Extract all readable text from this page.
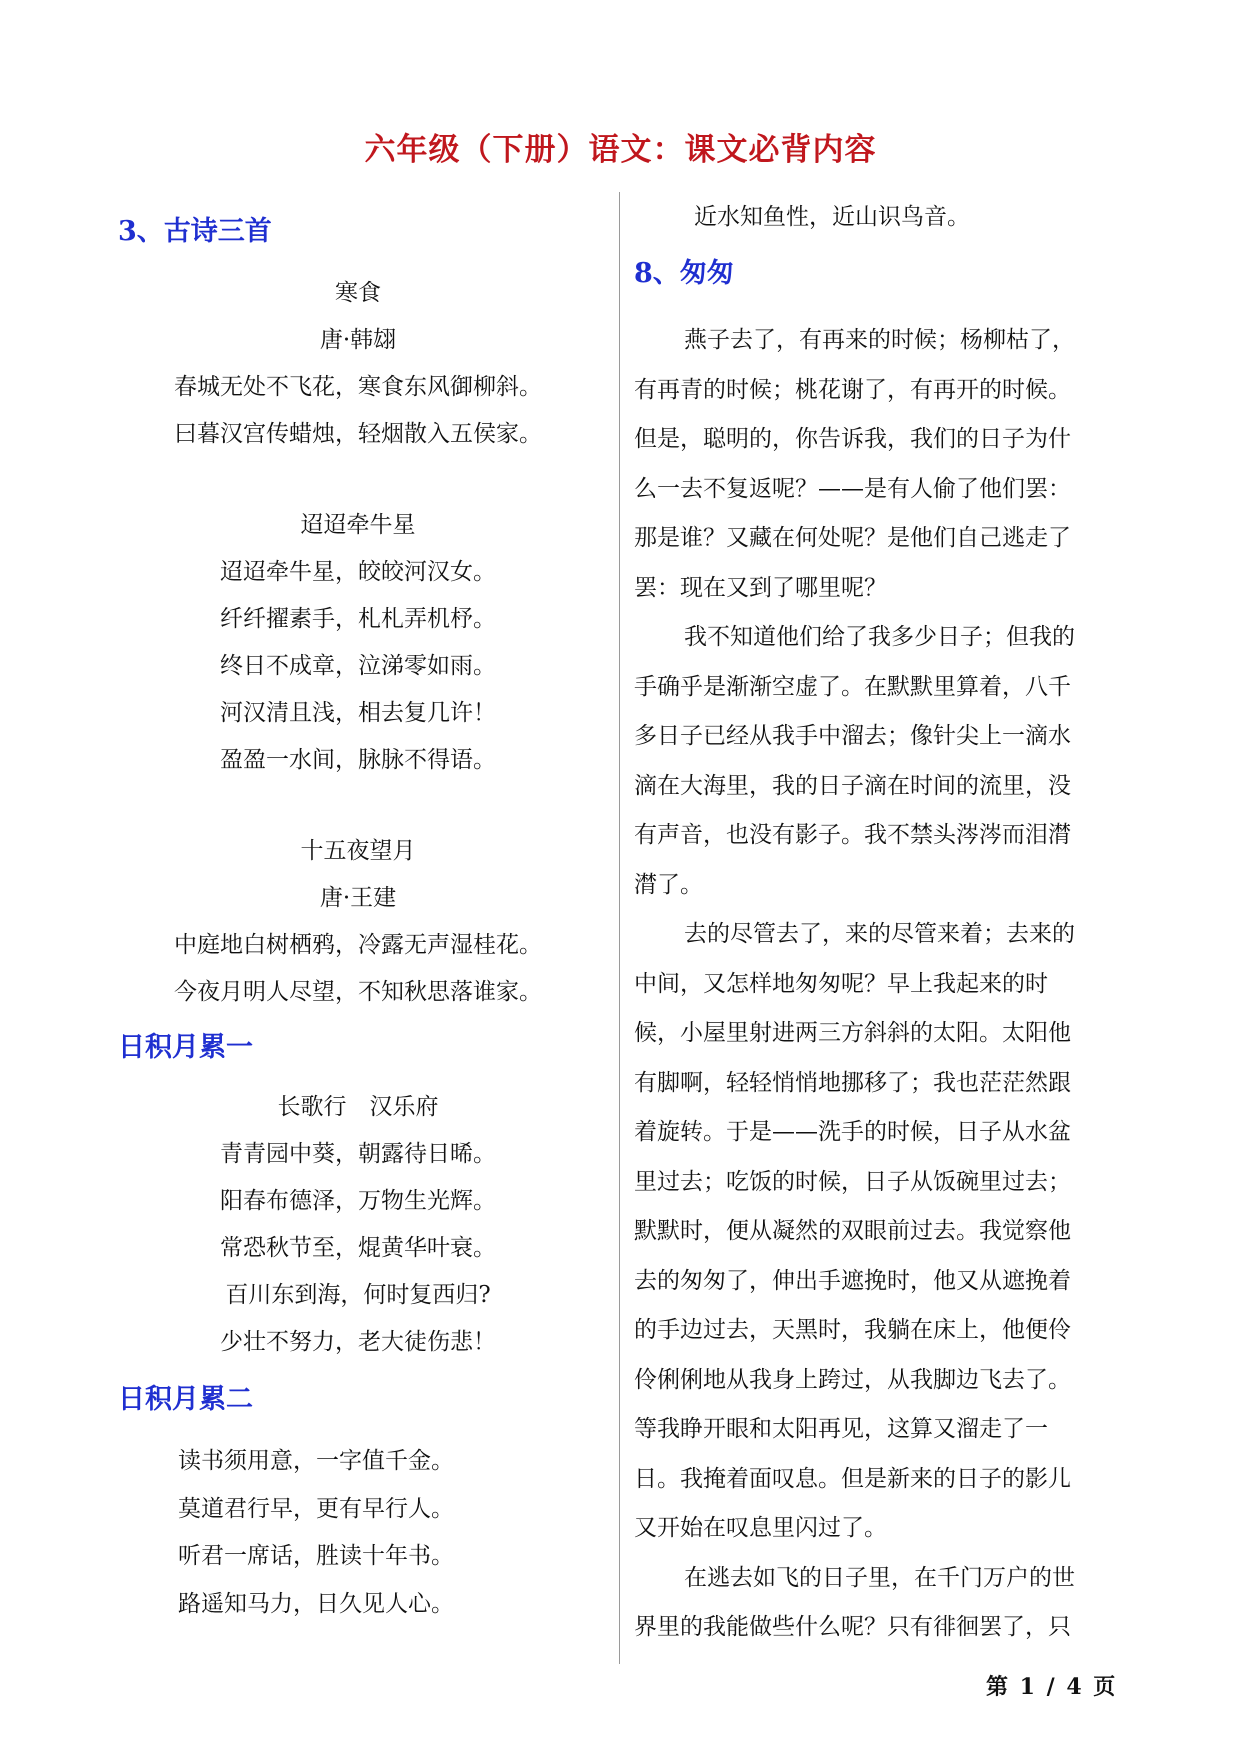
六年级（下册）语文：课文必背内容
3、古诗三首
寒食
唐·韩翃
春城无处不飞花，寒食东风御柳斜。
曰暮汉宫传蜡烛，轻烟散入五侯家。
迢迢牵牛星
迢迢牵牛星，皎皎河汉女。
纤纤擢素手，札札弄机杼。
终日不成章，泣涕零如雨。
河汉清且浅，相去复几许！
盈盈一水间，脉脉不得语。
十五夜望月
唐·王建
中庭地白树栖鸦，冷露无声湿桂花。
今夜月明人尽望，不知秋思落谁家。
日积月累一
长歌行　汉乐府
青青园中葵，朝露待日晞。
阳春布德泽，万物生光辉。
常恐秋节至，焜黄华叶衰。
百川东到海，何时复西归?
少壮不努力，老大徒伤悲！
日积月累二
读书须用意，一字值千金。
莫道君行早，更有早行人。
听君一席话，胜读十年书。
路遥知马力，日久见人心。
近水知鱼性，近山识鸟音。
8、匆匆
燕子去了，有再来的时候；杨柳枯了，
有再青的时候；桃花谢了，有再开的时候。
但是，聪明的，你告诉我，我们的日子为什
么一去不复返呢？——是有人偷了他们罢：
那是谁？又藏在何处呢？是他们自己逃走了
罢：现在又到了哪里呢？
我不知道他们给了我多少日子；但我的
手确乎是渐渐空虚了。在默默里算着，八千
多日子已经从我手中溜去；像针尖上一滴水
滴在大海里，我的日子滴在时间的流里，没
有声音，也没有影子。我不禁头涔涔而泪潸
潸了。
去的尽管去了，来的尽管来着；去来的
中间，又怎样地匆匆呢？早上我起来的时
候，小屋里射进两三方斜斜的太阳。太阳他
有脚啊，轻轻悄悄地挪移了；我也茫茫然跟
着旋转。于是——洗手的时候，日子从水盆
里过去；吃饭的时候，日子从饭碗里过去；
默默时，便从凝然的双眼前过去。我觉察他
去的匆匆了，伸出手遮挽时，他又从遮挽着
的手边过去，天黑时，我躺在床上，他便伶
伶俐俐地从我身上跨过，从我脚边飞去了。
等我睁开眼和太阳再见，这算又溜走了一
日。我掩着面叹息。但是新来的日子的影儿
又开始在叹息里闪过了。
在逃去如飞的日子里，在千门万户的世
界里的我能做些什么呢？只有徘徊罢了，只
第 1 / 4 页
